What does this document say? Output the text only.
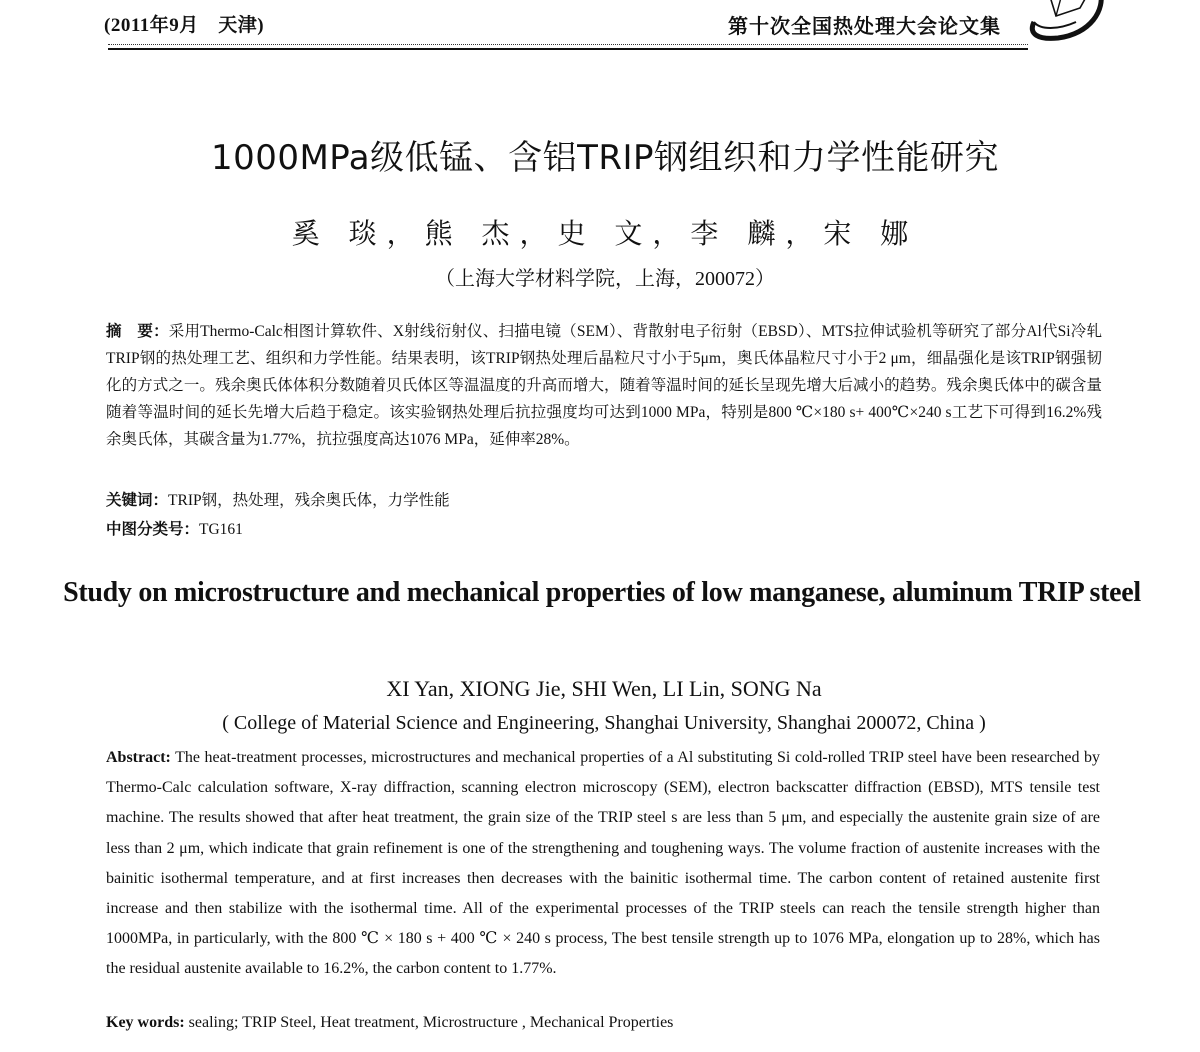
(2011年9月　天津)	第十次全国热处理大会论文集
1000MPa级低锰、含铝TRIP钢组织和力学性能研究
奚 琰，熊 杰，史 文，李 麟，宋 娜
（上海大学材料学院，上海，200072）
摘　要：采用Thermo-Calc相图计算软件、X射线衍射仪、扫描电镜（SEM）、背散射电子衍射（EBSD）、MTS拉伸试验机等研究了部分Al代Si冷轧TRIP钢的热处理工艺、组织和力学性能。结果表明，该TRIP钢热处理后晶粒尺寸小于5μm，奥氏体晶粒尺寸小于2 μm，细晶强化是该TRIP钢强韧化的方式之一。残余奥氏体体积分数随着贝氏体区等温温度的升高而增大，随着等温时间的延长呈现先增大后减小的趋势。残余奥氏体中的碳含量随着等温时间的延长先增大后趋于稳定。该实验钢热处理后抗拉强度均可达到1000 MPa，特别是800 ℃×180 s+ 400℃×240 s工艺下可得到16.2%残余奥氏体，其碳含量为1.77%，抗拉强度高达1076 MPa，延伸率28%。
关键词：TRIP钢，热处理，残余奥氏体，力学性能
中图分类号：TG161
Study on microstructure and mechanical properties of low manganese, aluminum TRIP steel
XI Yan, XIONG Jie, SHI Wen, LI Lin, SONG Na
( College of Material Science and Engineering, Shanghai University, Shanghai 200072, China )
Abstract: The heat-treatment processes, microstructures and mechanical properties of a Al substituting Si cold-rolled TRIP steel have been researched by Thermo-Calc calculation software, X-ray diffraction, scanning electron microscopy (SEM), electron backscatter diffraction (EBSD), MTS tensile test machine. The results showed that after heat treatment, the grain size of the TRIP steel s are less than 5 μm, and especially the austenite grain size of are less than 2 μm, which indicate that grain refinement is one of the strengthening and toughening ways. The volume fraction of austenite increases with the bainitic isothermal temperature, and at first increases then decreases with the bainitic isothermal time. The carbon content of retained austenite first increase and then stabilize with the isothermal time. All of the experimental processes of the TRIP steels can reach the tensile strength higher than 1000MPa, in particularly, with the 800 ℃ × 180 s + 400 ℃ × 240 s process, The best tensile strength up to 1076 MPa, elongation up to 28%, which has the residual austenite available to 16.2%, the carbon content to 1.77%.
Key words: sealing; TRIP Steel, Heat treatment, Microstructure , Mechanical Properties
